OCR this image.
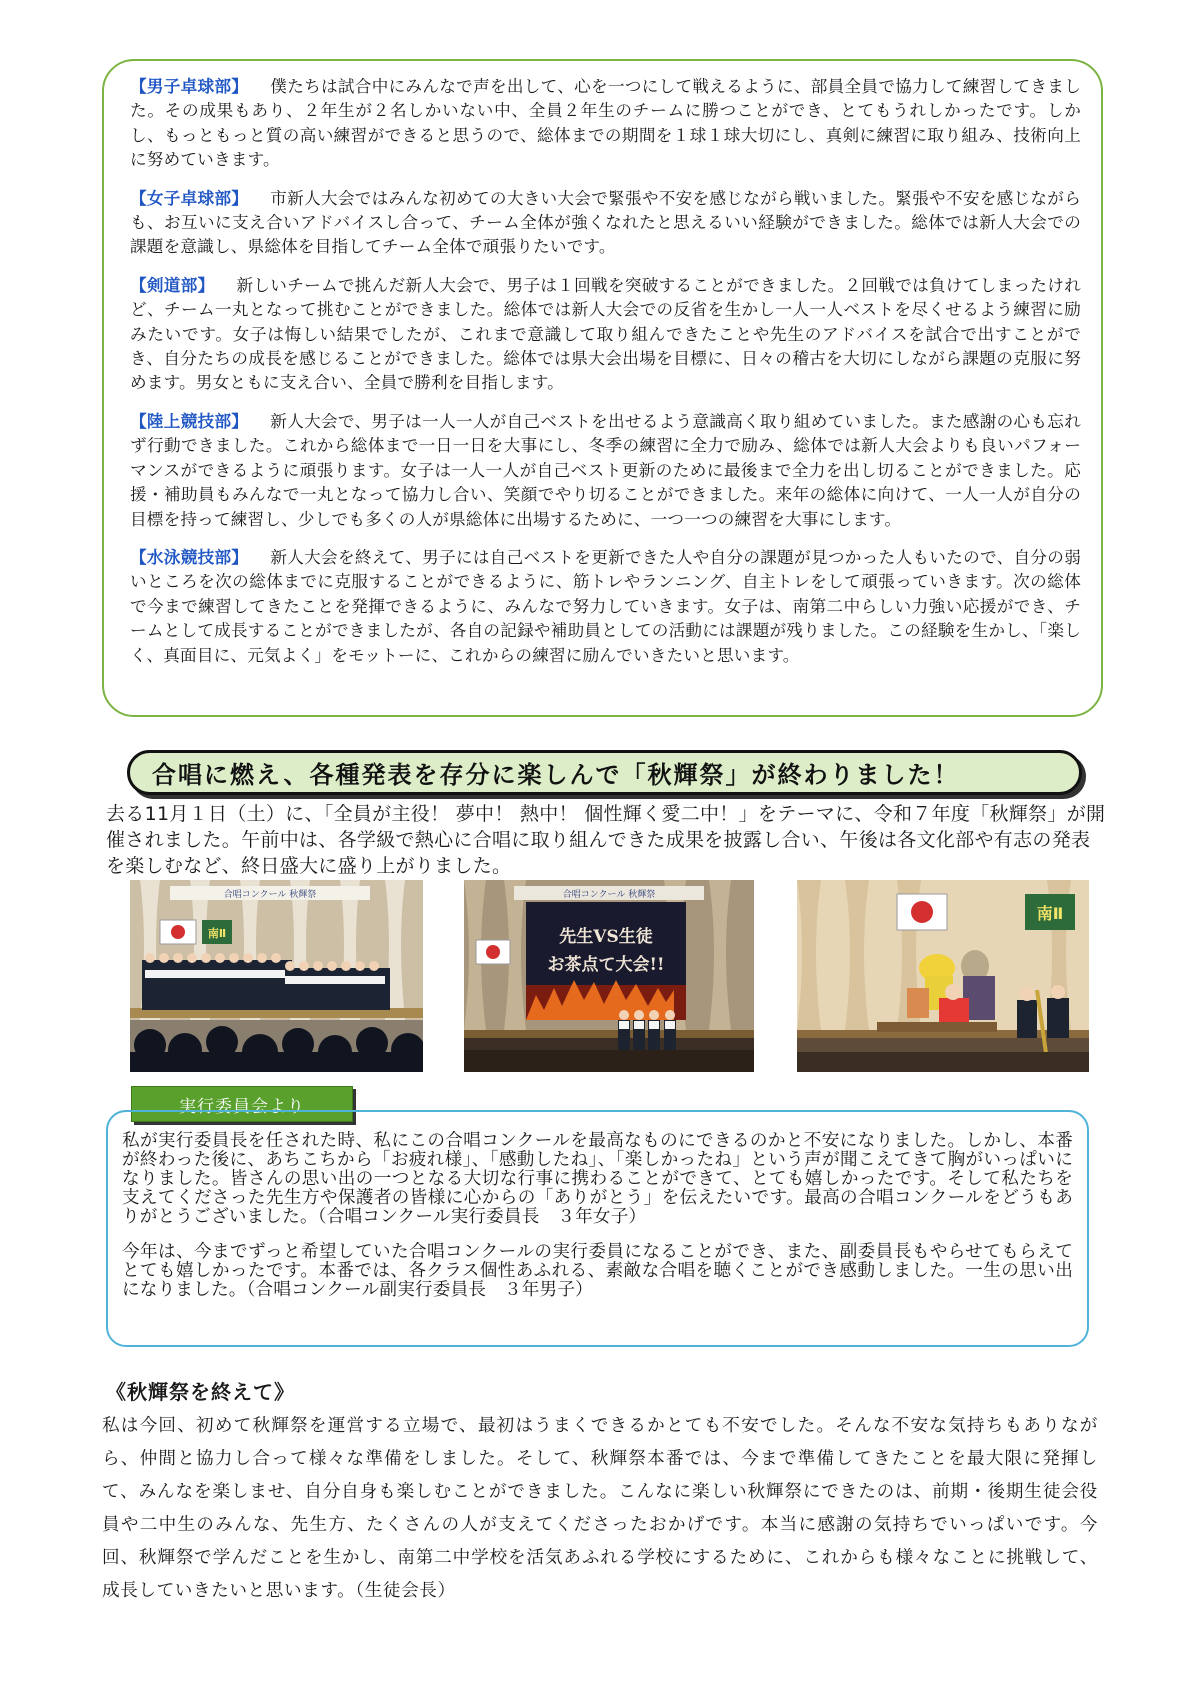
【男子卓球部】 僕たちは試合中にみんなで声を出して、心を一つにして戦えるように、部員全員で協力して練習してきました。その成果もあり、２年生が２名しかいない中、全員２年生のチームに勝つことができ、とてもうれしかったです。しかし、もっともっと質の高い練習ができると思うので、総体までの期間を１球１球大切にし、真剣に練習に取り組み、技術向上に努めていきます。

【女子卓球部】 市新人大会ではみんな初めての大きい大会で緊張や不安を感じながら戦いました。緊張や不安を感じながらも、お互いに支え合いアドバイスし合って、チーム全体が強くなれたと思えるいい経験ができました。総体では新人大会での課題を意識し、県総体を目指してチーム全体で頑張りたいです。

【剣道部】 新しいチームで挑んだ新人大会で、男子は１回戦を突破することができました。２回戦では負けてしまったけれど、チーム一丸となって挑むことができました。総体では新人大会での反省を生かし一人一人ベストを尽くせるよう練習に励みたいです。女子は悔しい結果でしたが、これまで意識して取り組んできたことや先生のアドバイスを試合で出すことができ、自分たちの成長を感じることができました。総体では県大会出場を目標に、日々の稽古を大切にしながら課題の克服に努めます。男女ともに支え合い、全員で勝利を目指します。

【陸上競技部】 新人大会で、男子は一人一人が自己ベストを出せるよう意識高く取り組めていました。また感謝の心も忘れず行動できました。これから総体まで一日一日を大事にし、冬季の練習に全力で励み、総体では新人大会よりも良いパフォーマンスができるように頑張ります。女子は一人一人が自己ベスト更新のために最後まで全力を出し切ることができました。応援・補助員もみんなで一丸となって協力し合い、笑顔でやり切ることができました。来年の総体に向けて、一人一人が自分の目標を持って練習し、少しでも多くの人が県総体に出場するために、一つ一つの練習を大事にします。

【水泳競技部】 新人大会を終えて、男子には自己ベストを更新できた人や自分の課題が見つかった人もいたので、自分の弱いところを次の総体までに克服することができるように、筋トレやランニング、自主トレをして頑張っていきます。次の総体で今まで練習してきたことを発揮できるように、みんなで努力していきます。女子は、南第二中らしい力強い応援ができ、チームとして成長することができましたが、各自の記録や補助員としての活動には課題が残りました。この経験を生かし、「楽しく、真面目に、元気よく」をモットーに、これからの練習に励んでいきたいと思います。

合唱に燃え、各種発表を存分に楽しんで「秋輝祭」が終わりました！

去る11月１日（土）に、「全員が主役！ 夢中！ 熱中！ 個性輝く愛二中！」をテーマに、令和７年度「秋輝祭」が開催されました。午前中は、各学級で熱心に合唱に取り組んできた成果を披露し合い、午後は各文化部や有志の発表を楽しむなど、終日盛大に盛り上がりました。

合唱コンクール 秋輝祭
南Ⅱ
合唱コンクール 秋輝祭
先生VS生徒
お茶点て大会!!
南Ⅱ
実行委員会より

私が実行委員長を任された時、私にこの合唱コンクールを最高なものにできるのかと不安になりました。しかし、本番が終わった後に、あちこちから「お疲れ様」、「感動したね」、「楽しかったね」という声が聞こえてきて胸がいっぱいになりました。皆さんの思い出の一つとなる大切な行事に携わることができて、とても嬉しかったです。そして私たちを支えてくださった先生方や保護者の皆様に心からの「ありがとう」を伝えたいです。最高の合唱コンクールをどうもありがとうございました。（合唱コンクール実行委員長　３年女子）

今年は、今までずっと希望していた合唱コンクールの実行委員になることができ、また、副委員長もやらせてもらえてとても嬉しかったです。本番では、各クラス個性あふれる、素敵な合唱を聴くことができ感動しました。一生の思い出になりました。（合唱コンクール副実行委員長　３年男子）

《秋輝祭を終えて》

私は今回、初めて秋輝祭を運営する立場で、最初はうまくできるかとても不安でした。そんな不安な気持ちもありながら、仲間と協力し合って様々な準備をしました。そして、秋輝祭本番では、今まで準備してきたことを最大限に発揮して、みんなを楽しませ、自分自身も楽しむことができました。こんなに楽しい秋輝祭にできたのは、前期・後期生徒会役員や二中生のみんな、先生方、たくさんの人が支えてくださったおかげです。本当に感謝の気持ちでいっぱいです。今回、秋輝祭で学んだことを生かし、南第二中学校を活気あふれる学校にするために、これからも様々なことに挑戦して、成長していきたいと思います。（生徒会長）
